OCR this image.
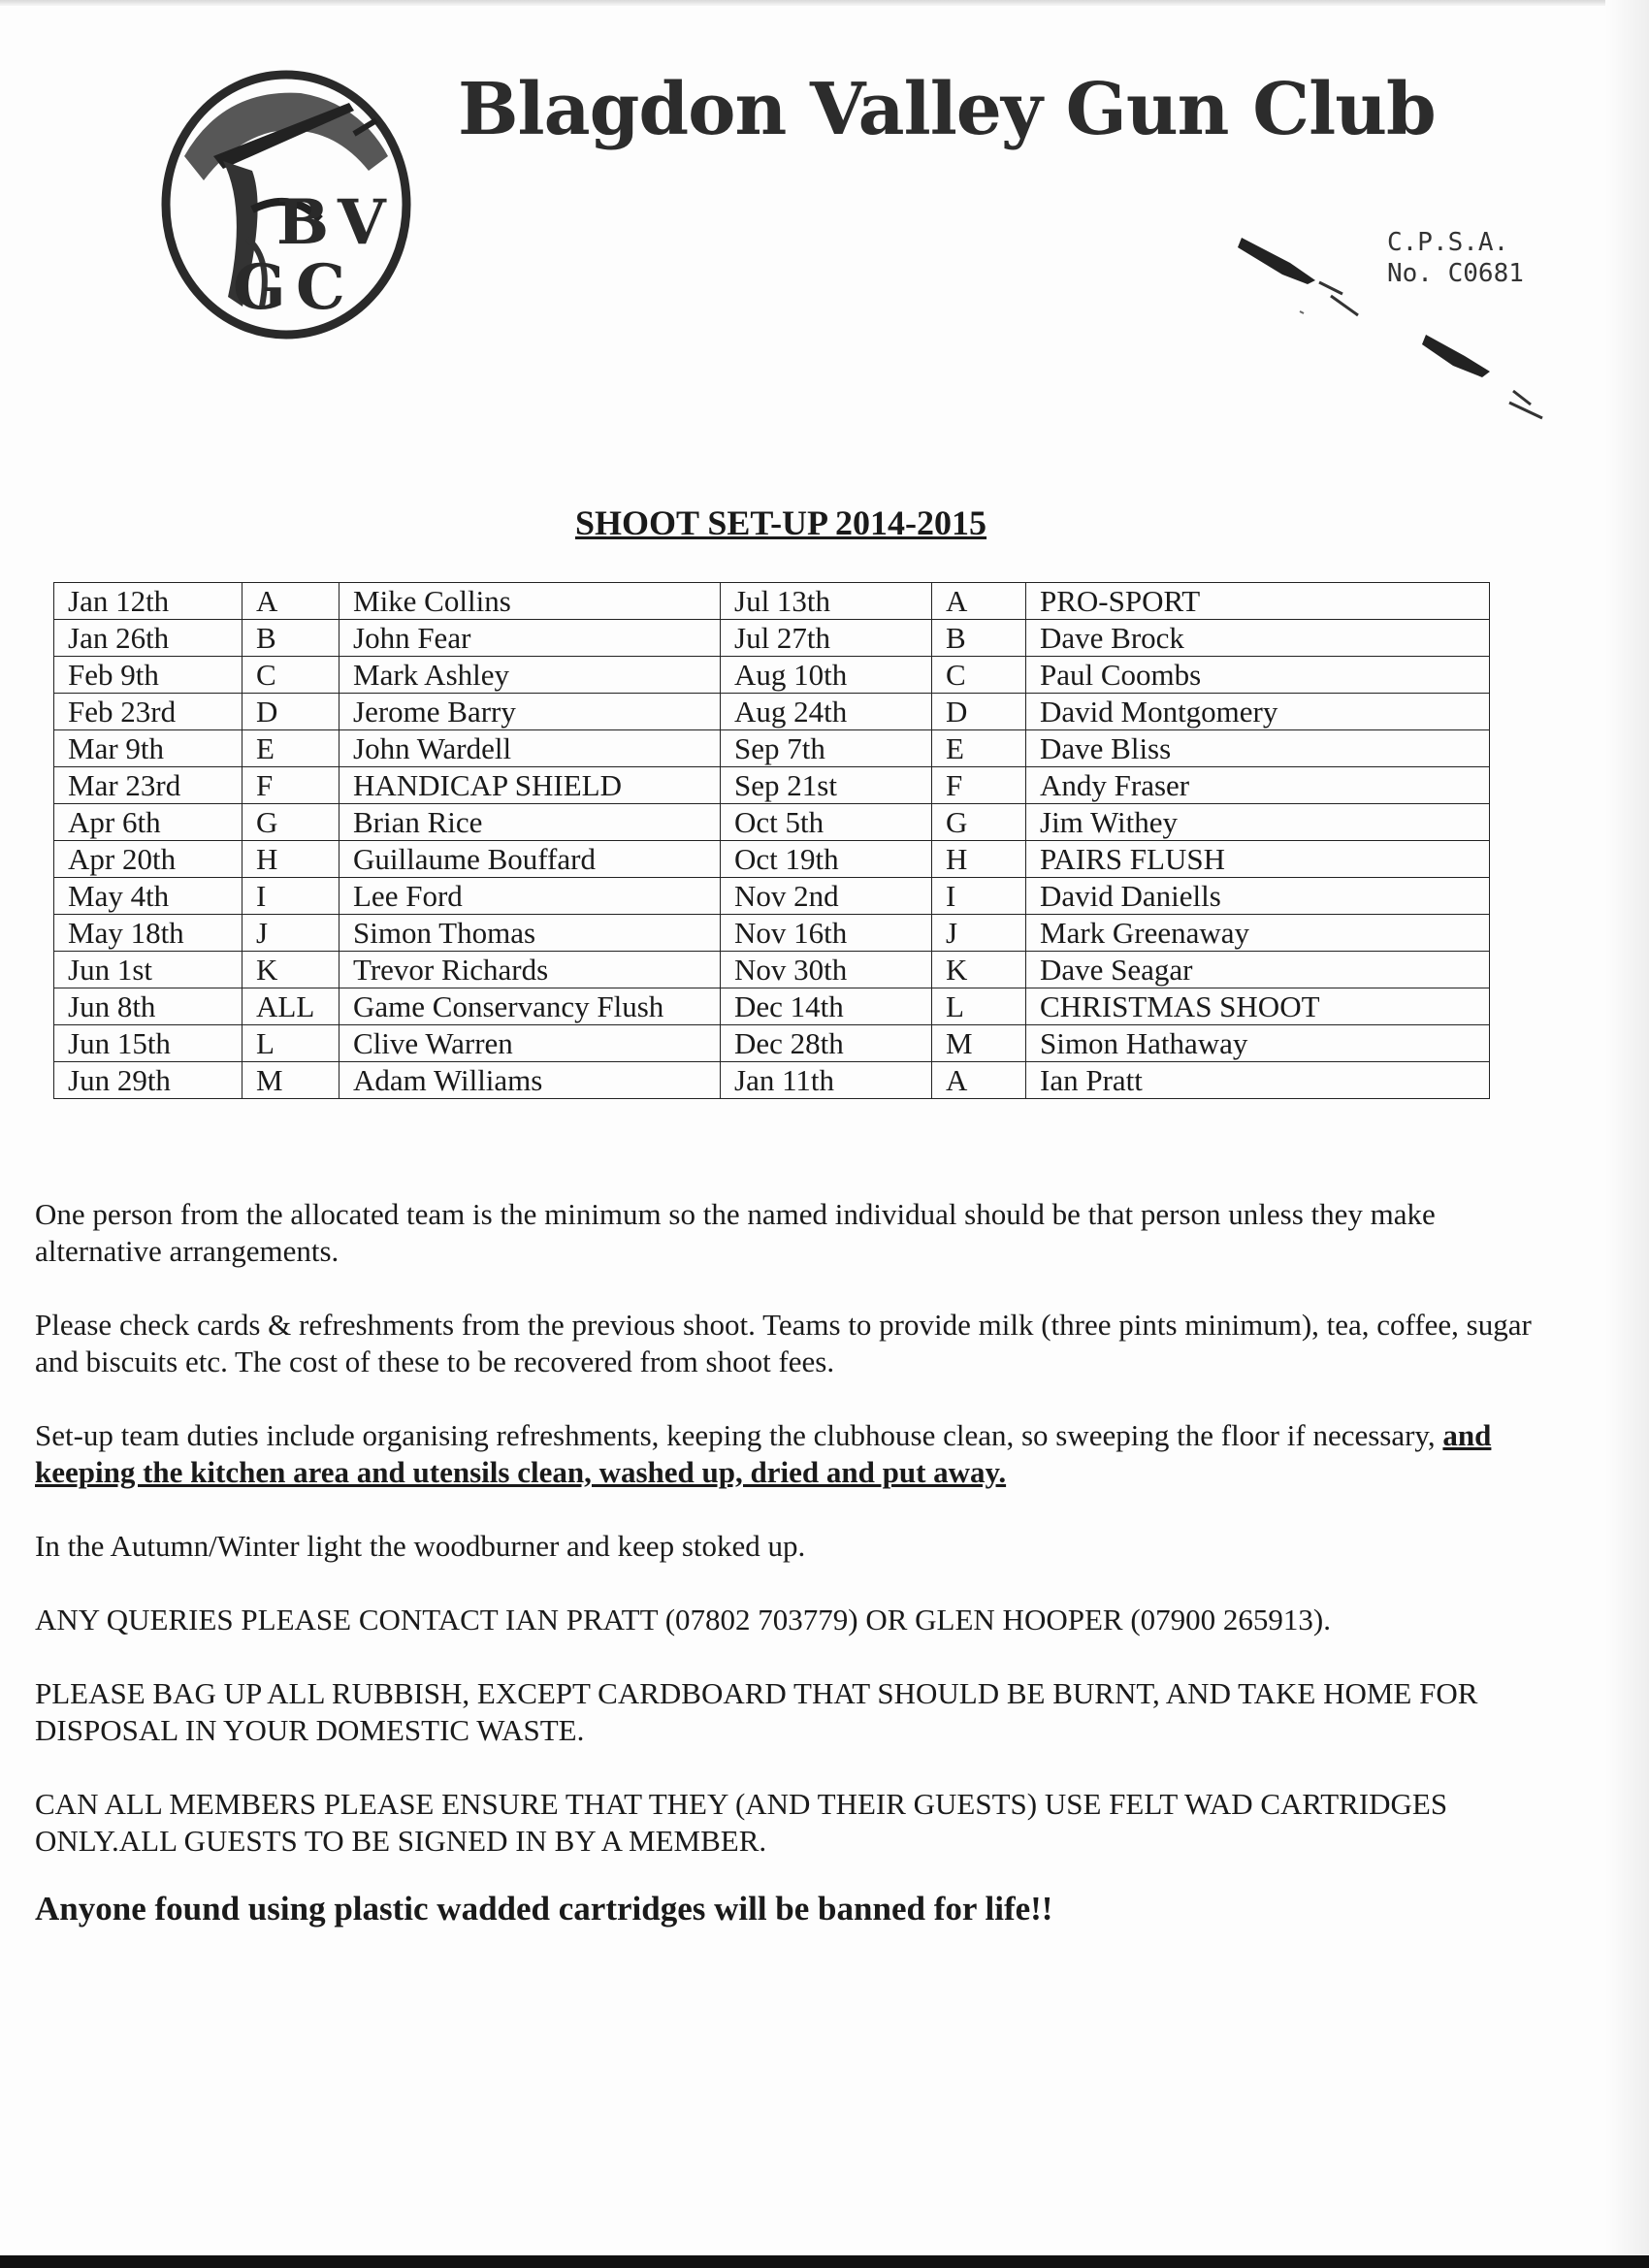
B V
G C
Blagdon Valley Gun Club
C.P.S.A.
No. C0681
SHOOT SET-UP 2014-2015
Jan 12th	A	Mike Collins	Jul 13th	A	PRO-SPORT
Jan 26th	B	John Fear	Jul 27th	B	Dave Brock
Feb 9th	C	Mark Ashley	Aug 10th	C	Paul Coombs
Feb 23rd	D	Jerome Barry	Aug 24th	D	David Montgomery
Mar 9th	E	John Wardell	Sep 7th	E	Dave Bliss
Mar 23rd	F	HANDICAP SHIELD	Sep 21st	F	Andy Fraser
Apr 6th	G	Brian Rice	Oct 5th	G	Jim Withey
Apr 20th	H	Guillaume Bouffard	Oct 19th	H	PAIRS FLUSH
May 4th	I	Lee Ford	Nov 2nd	I	David Daniells
May 18th	J	Simon Thomas	Nov 16th	J	Mark Greenaway
Jun 1st	K	Trevor Richards	Nov 30th	K	Dave Seagar
Jun 8th	ALL	Game Conservancy Flush	Dec 14th	L	CHRISTMAS SHOOT
Jun 15th	L	Clive Warren	Dec 28th	M	Simon Hathaway
Jun 29th	M	Adam Williams	Jan 11th	A	Ian Pratt

One person from the allocated team is the minimum so the named individual should be that person unless they make alternative arrangements.

Please check cards & refreshments from the previous shoot. Teams to provide milk (three pints minimum), tea, coffee, sugar and biscuits etc. The cost of these to be recovered from shoot fees.

Set-up team duties include organising refreshments, keeping the clubhouse clean, so sweeping the floor if necessary, and keeping the kitchen area and utensils clean, washed up, dried and put away.

In the Autumn/Winter light the woodburner and keep stoked up.

ANY QUERIES PLEASE CONTACT IAN PRATT (07802 703779) OR GLEN HOOPER (07900 265913).

PLEASE BAG UP ALL RUBBISH, EXCEPT CARDBOARD THAT SHOULD BE BURNT, AND TAKE HOME FOR DISPOSAL IN YOUR DOMESTIC WASTE.

CAN ALL MEMBERS PLEASE ENSURE THAT THEY (AND THEIR GUESTS) USE FELT WAD CARTRIDGES ONLY.ALL GUESTS TO BE SIGNED IN BY A MEMBER.

Anyone found using plastic wadded cartridges will be banned for life!!
